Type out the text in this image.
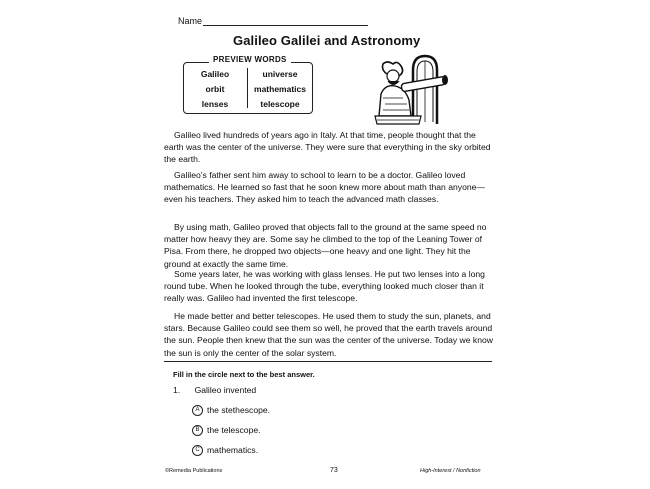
Name
Galileo Galilei and Astronomy
PREVIEW WORDS
Galileo
orbit
lenses
universe
mathematics
telescope

Galileo lived hundreds of years ago in Italy. At that time, people thought that the earth was the center of the universe. They were sure that everything in the sky orbited the earth.

Galileo’s father sent him away to school to learn to be a doctor. Galileo loved mathematics. He learned so fast that he soon knew more about math than anyone—even his teachers. They asked him to teach the advanced math classes.

By using math, Galileo proved that objects fall to the ground at the same speed no matter how heavy they are. Some say he climbed to the top of the Leaning Tower of Pisa. From there, he dropped two objects—one heavy and one light. They hit the ground at exactly the same time.

Some years later, he was working with glass lenses. He put two lenses into a long round tube. When he looked through the tube, everything looked much closer than it really was. Galileo had invented the first telescope.

He made better and better telescopes. He used them to study the sun, planets, and stars. Because Galileo could see them so well, he proved that the earth travels around the sun. People then knew that the sun was the center of the universe. Today we know the sun is only the center of the solar system.

Fill in the circle next to the best answer.
1. Galileo invented
A the stethescope.
B the telescope.
C mathematics.
©Remedia Publications	73	High-Interest / Nonfiction
